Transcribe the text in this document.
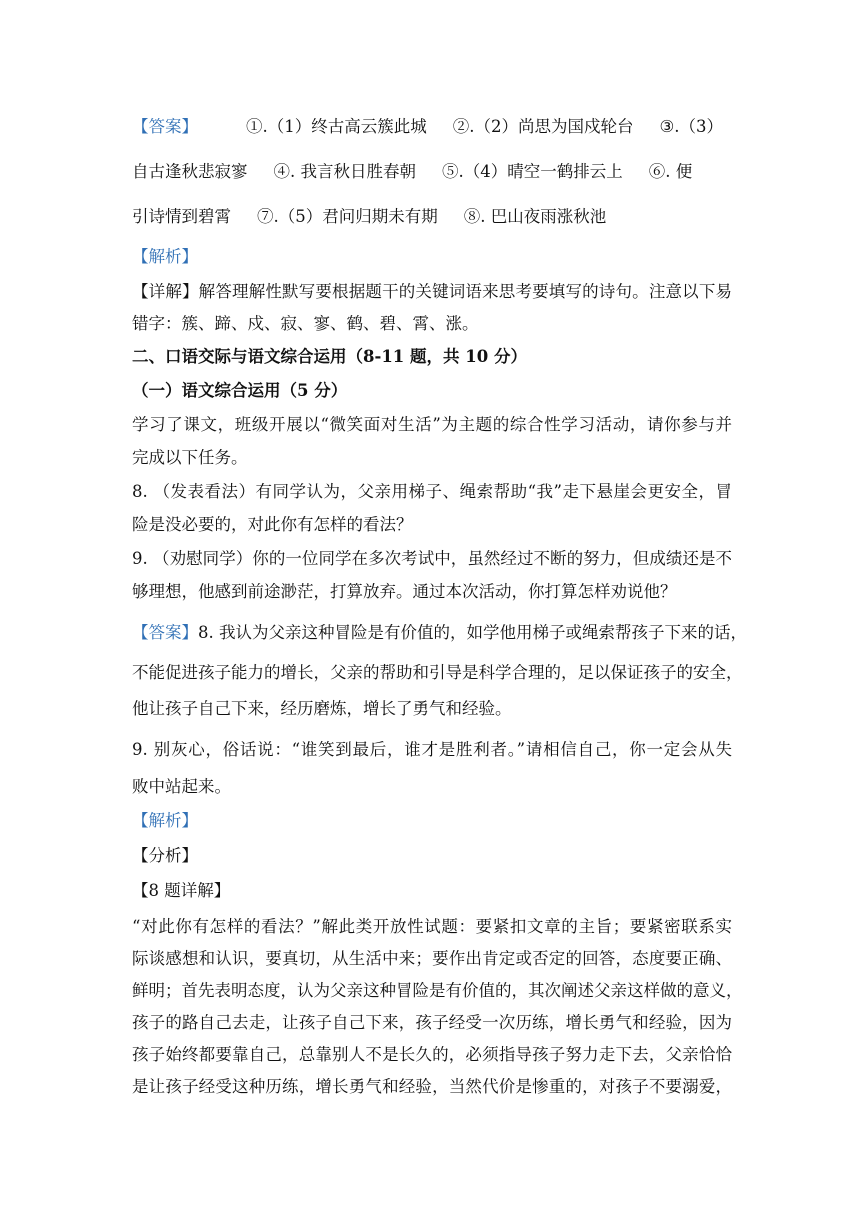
【答案】	①.（1）终古高云簇此城 ②.（2）尚思为国戍轮台 ③.（3）
自古逢秋悲寂寥 ④. 我言秋日胜春朝 ⑤.（4）晴空一鹤排云上 ⑥. 便
引诗情到碧霄 ⑦.（5）君问归期未有期 ⑧. 巴山夜雨涨秋池
【解析】
【详解】解答理解性默写要根据题干的关键词语来思考要填写的诗句。注意以下易
错字：簇、蹄、戍、寂、寥、鹤、碧、霄、涨。
二、口语交际与语文综合运用（8-11 题，共 10 分）
（一）语文综合运用（5 分）
学习了课文，班级开展以“微笑面对生活”为主题的综合性学习活动，请你参与并
完成以下任务。
8. （发表看法）有同学认为，父亲用梯子、绳索帮助“我”走下悬崖会更安全，冒
险是没必要的，对此你有怎样的看法？
9. （劝慰同学）你的一位同学在多次考试中，虽然经过不断的努力，但成绩还是不
够理想，他感到前途渺茫，打算放弃。通过本次活动，你打算怎样劝说他？
【答案】8. 我认为父亲这种冒险是有价值的，如学他用梯子或绳索帮孩子下来的话，
不能促进孩子能力的增长，父亲的帮助和引导是科学合理的，足以保证孩子的安全，
他让孩子自己下来，经历磨炼，增长了勇气和经验。
9. 别灰心，俗话说：“谁笑到最后，谁才是胜利者。”请相信自己，你一定会从失
败中站起来。
【解析】
【分析】
【8 题详解】
“对此你有怎样的看法？”解此类开放性试题：要紧扣文章的主旨；要紧密联系实
际谈感想和认识，要真切，从生活中来；要作出肯定或否定的回答，态度要正确、
鲜明；首先表明态度，认为父亲这种冒险是有价值的，其次阐述父亲这样做的意义，
孩子的路自己去走，让孩子自己下来，孩子经受一次历练，增长勇气和经验，因为
孩子始终都要靠自己，总靠别人不是长久的，必须指导孩子努力走下去，父亲恰恰
是让孩子经受这种历练，增长勇气和经验，当然代价是惨重的，对孩子不要溺爱，
